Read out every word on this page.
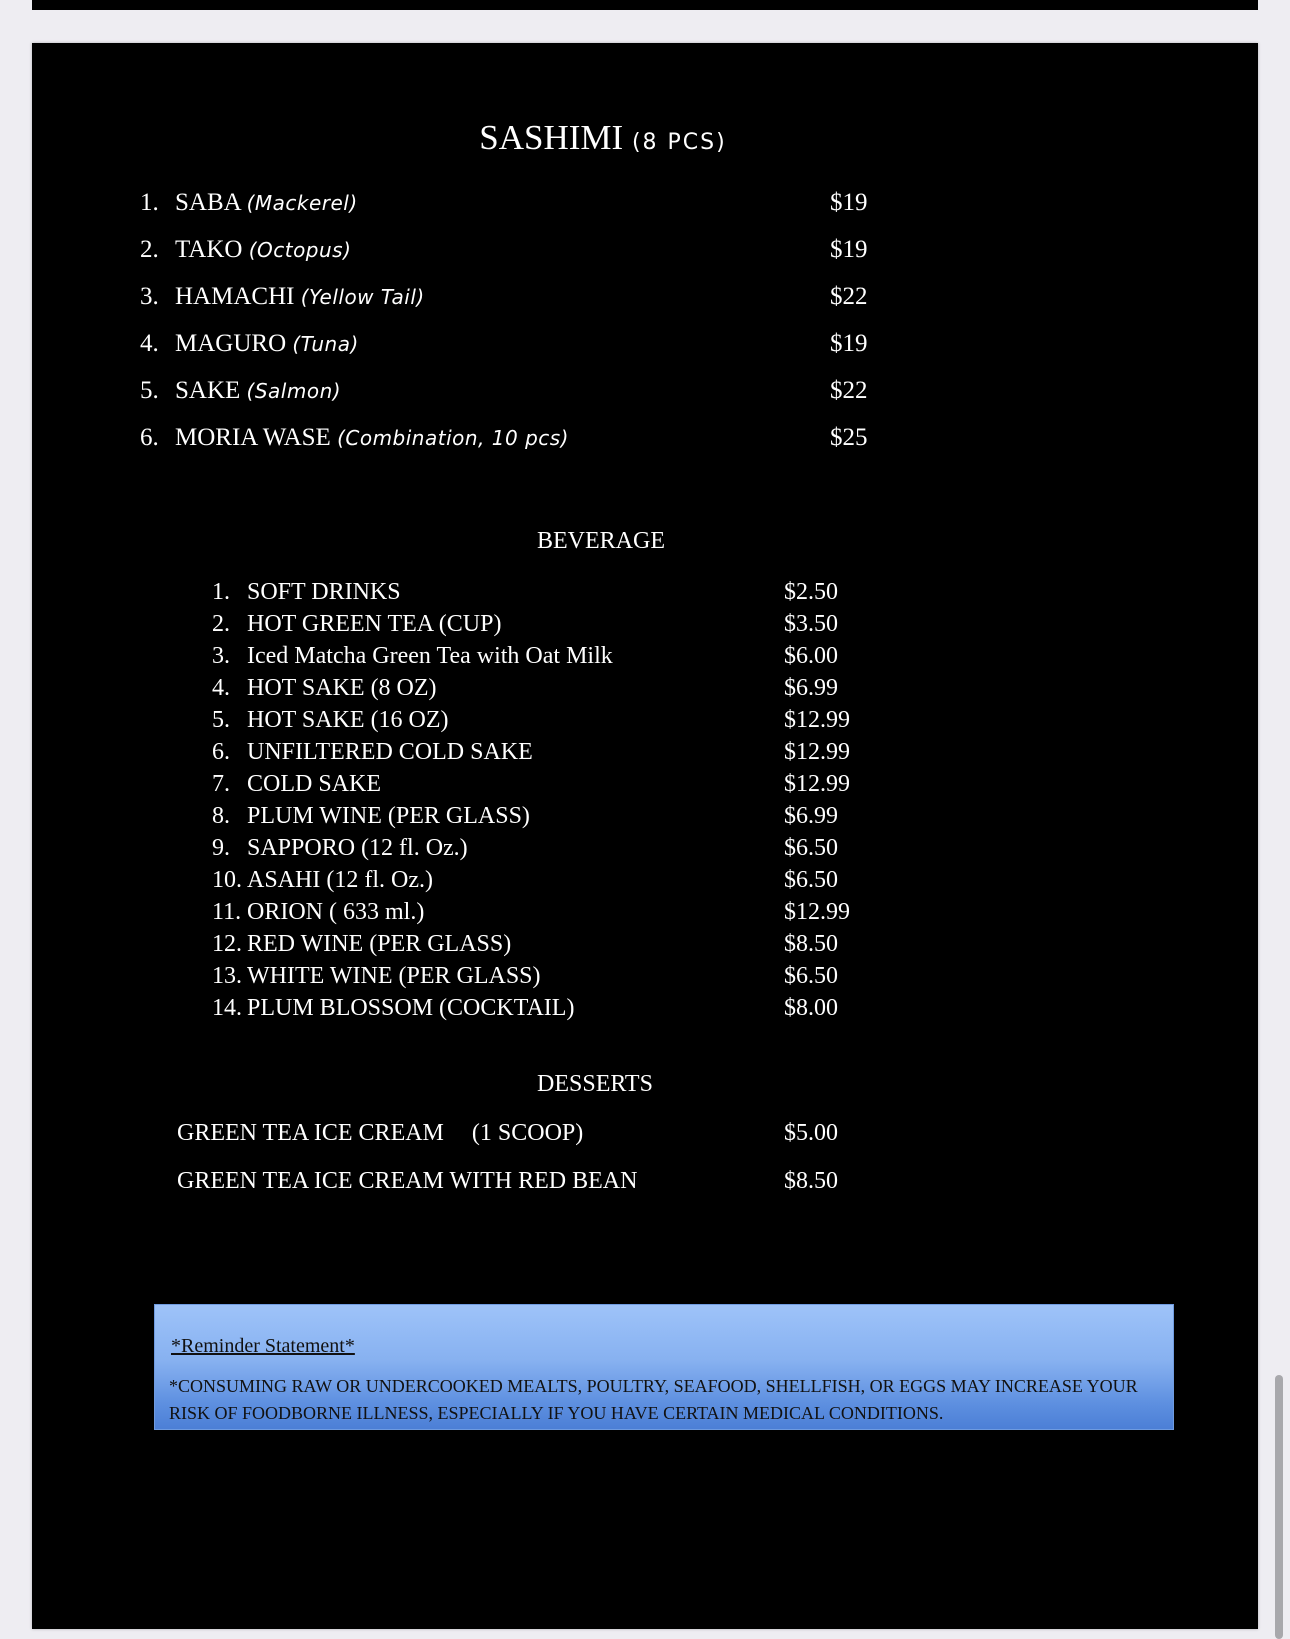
SASHIMI (8 PCS)
1. SABA (Mackerel)	$19
2. TAKO (Octopus)	$19
3. HAMACHI (Yellow Tail)	$22
4. MAGURO (Tuna)	$19
5. SAKE (Salmon)	$22
6. MORIA WASE (Combination, 10 pcs)	$25
BEVERAGE
1. SOFT DRINKS	$2.50
2. HOT GREEN TEA (CUP)	$3.50
3. Iced Matcha Green Tea with Oat Milk	$6.00
4. HOT SAKE (8 OZ)	$6.99
5. HOT SAKE (16 OZ)	$12.99
6. UNFILTERED COLD SAKE	$12.99
7. COLD SAKE	$12.99
8. PLUM WINE (PER GLASS)	$6.99
9. SAPPORO (12 fl. Oz.)	$6.50
10. ASAHI (12 fl. Oz.)	$6.50
11. ORION ( 633 ml.)	$12.99
12. RED WINE (PER GLASS)	$8.50
13. WHITE WINE (PER GLASS)	$6.50
14. PLUM BLOSSOM (COCKTAIL)	$8.00
DESSERTS
GREEN TEA ICE CREAM (1 SCOOP)	$5.00
GREEN TEA ICE CREAM WITH RED BEAN	$8.50
*Reminder Statement*
*CONSUMING RAW OR UNDERCOOKED MEALTS, POULTRY, SEAFOOD, SHELLFISH, OR EGGS MAY INCREASE YOUR RISK OF FOODBORNE ILLNESS, ESPECIALLY IF YOU HAVE CERTAIN MEDICAL CONDITIONS.
